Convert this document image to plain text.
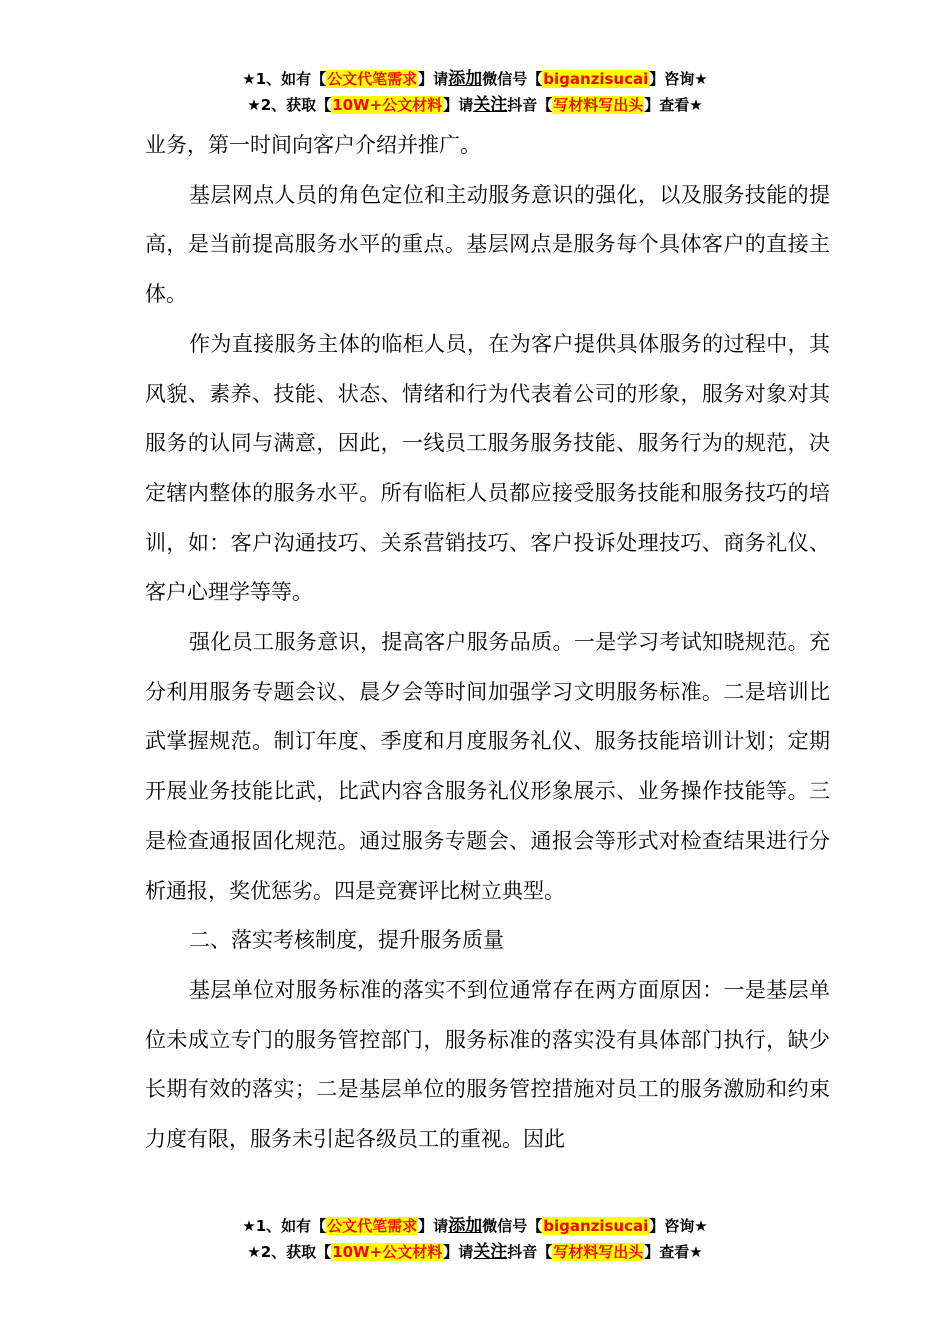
★1、如有【公文代笔需求】请添加微信号【biganzisucai】咨询★
★2、获取【10W+公文材料】请关注抖音【写材料写出头】查看★

业务，第一时间向客户介绍并推广。

基层网点人员的角色定位和主动服务意识的强化，以及服务技能的提高，是当前提高服务水平的重点。基层网点是服务每个具体客户的直接主体。

作为直接服务主体的临柜人员，在为客户提供具体服务的过程中，其风貌、素养、技能、状态、情绪和行为代表着公司的形象，服务对象对其服务的认同与满意，因此，一线员工服务服务技能、服务行为的规范，决定辖内整体的服务水平。所有临柜人员都应接受服务技能和服务技巧的培训，如：客户沟通技巧、关系营销技巧、客户投诉处理技巧、商务礼仪、客户心理学等等。

强化员工服务意识，提高客户服务品质。一是学习考试知晓规范。充分利用服务专题会议、晨夕会等时间加强学习文明服务标准。二是培训比武掌握规范。制订年度、季度和月度服务礼仪、服务技能培训计划；定期开展业务技能比武，比武内容含服务礼仪形象展示、业务操作技能等。三是检查通报固化规范。通过服务专题会、通报会等形式对检查结果进行分析通报，奖优惩劣。四是竞赛评比树立典型。

二、落实考核制度，提升服务质量

基层单位对服务标准的落实不到位通常存在两方面原因：一是基层单位未成立专门的服务管控部门，服务标准的落实没有具体部门执行，缺少长期有效的落实；二是基层单位的服务管控措施对员工的服务激励和约束力度有限，服务未引起各级员工的重视。因此

★1、如有【公文代笔需求】请添加微信号【biganzisucai】咨询★
★2、获取【10W+公文材料】请关注抖音【写材料写出头】查看★
